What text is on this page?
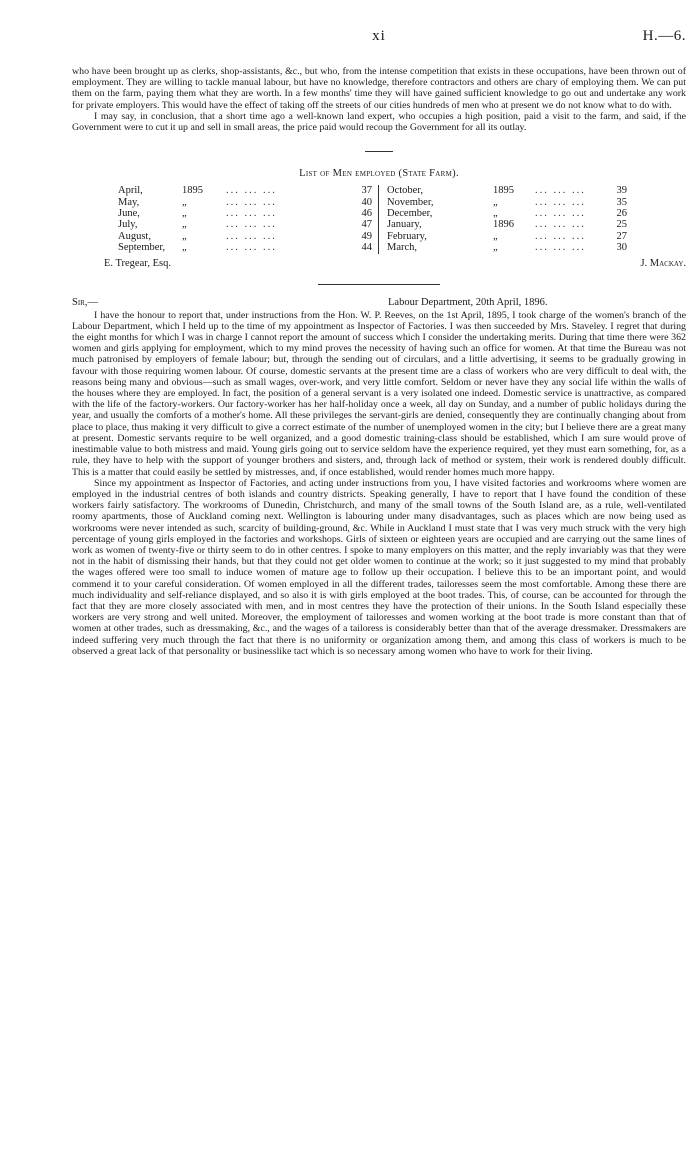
xi	H.—6.

who have been brought up as clerks, shop-assistants, &c., but who, from the intense competition that exists in these occupations, have been thrown out of employment. They are willing to tackle manual labour, but have no knowledge, therefore contractors and others are chary of employing them. We can put them on the farm, paying them what they are worth. In a few months' time they will have gained sufficient knowledge to go out and undertake any work for private employers. This would have the effect of taking off the streets of our cities hundreds of men who at present we do not know what to do with.

I may say, in conclusion, that a short time ago a well-known land expert, who occupies a high position, paid a visit to the farm, and said, if the Government were to cut it up and sell in small areas, the price paid would recoup the Government for all its outlay.

List of Men employed (State Farm).
April,	1895	... ... ...	37
May,	„	... ... ...	40
June,	„	... ... ...	46
July,	„	... ... ...	47
August,	„	... ... ...	49
September,	„	... ... ...	44
October,	1895	... ... ...	39
November,	„	... ... ...	35
December,	„	... ... ...	26
January,	1896	... ... ...	25
February,	„	... ... ...	27
March,	„	... ... ...	30
E. Tregear, Esq.	J. Mackay.
Sir,—	Labour Department, 20th April, 1896.

I have the honour to report that, under instructions from the Hon. W. P. Reeves, on the 1st April, 1895, I took charge of the women's branch of the Labour Department, which I held up to the time of my appointment as Inspector of Factories. I was then succeeded by Mrs. Staveley. I regret that during the eight months for which I was in charge I cannot report the amount of success which I consider the undertaking merits. During that time there were 362 women and girls applying for employment, which to my mind proves the necessity of having such an office for women. At that time the Bureau was not much patronised by employers of female labour; but, through the sending out of circulars, and a little advertising, it seems to be gradually growing in favour with those requiring women labour. Of course, domestic servants at the present time are a class of workers who are very difficult to deal with, the reasons being many and obvious—such as small wages, over-work, and very little comfort. Seldom or never have they any social life within the walls of the houses where they are employed. In fact, the position of a general servant is a very isolated one indeed. Domestic service is unattractive, as compared with the life of the factory-workers. Our factory-worker has her half-holiday once a week, all day on Sunday, and a number of public holidays during the year, and usually the comforts of a mother's home. All these privileges the servant-girls are denied, consequently they are continually changing about from place to place, thus making it very difficult to give a correct estimate of the number of unemployed women in the city; but I believe there are a great many at present. Domestic servants require to be well organized, and a good domestic training-class should be established, which I am sure would prove of inestimable value to both mistress and maid. Young girls going out to service seldom have the experience required, yet they must earn something, for, as a rule, they have to help with the support of younger brothers and sisters, and, through lack of method or system, their work is rendered doubly difficult. This is a matter that could easily be settled by mistresses, and, if once established, would render homes much more happy.

Since my appointment as Inspector of Factories, and acting under instructions from you, I have visited factories and workrooms where women are employed in the industrial centres of both islands and country districts. Speaking generally, I have to report that I have found the condition of these workers fairly satisfactory. The workrooms of Dunedin, Christchurch, and many of the small towns of the South Island are, as a rule, well-ventilated roomy apartments, those of Auckland coming next. Wellington is labouring under many disadvantages, such as places which are now being used as workrooms were never intended as such, scarcity of building-ground, &c. While in Auckland I must state that I was very much struck with the very high percentage of young girls employed in the factories and workshops. Girls of sixteen or eighteen years are occupied and are carrying out the same lines of work as women of twenty-five or thirty seem to do in other centres. I spoke to many employers on this matter, and the reply invariably was that they were not in the habit of dismissing their hands, but that they could not get older women to continue at the work; so it just suggested to my mind that probably the wages offered were too small to induce women of mature age to follow up their occupation. I believe this to be an important point, and would commend it to your careful consideration. Of women employed in all the different trades, tailoresses seem the most comfortable. Among these there are much individuality and self-reliance displayed, and so also it is with girls employed at the boot trades. This, of course, can be accounted for through the fact that they are more closely associated with men, and in most centres they have the protection of their unions. In the South Island especially these workers are very strong and well united. Moreover, the employment of tailoresses and women working at the boot trade is more constant than that of women at other trades, such as dressmaking, &c., and the wages of a tailoress is considerably better than that of the average dressmaker. Dressmakers are indeed suffering very much through the fact that there is no uniformity or organization among them, and among this class of workers is much to be observed a great lack of that personality or businesslike tact which is so necessary among women who have to work for their living.
